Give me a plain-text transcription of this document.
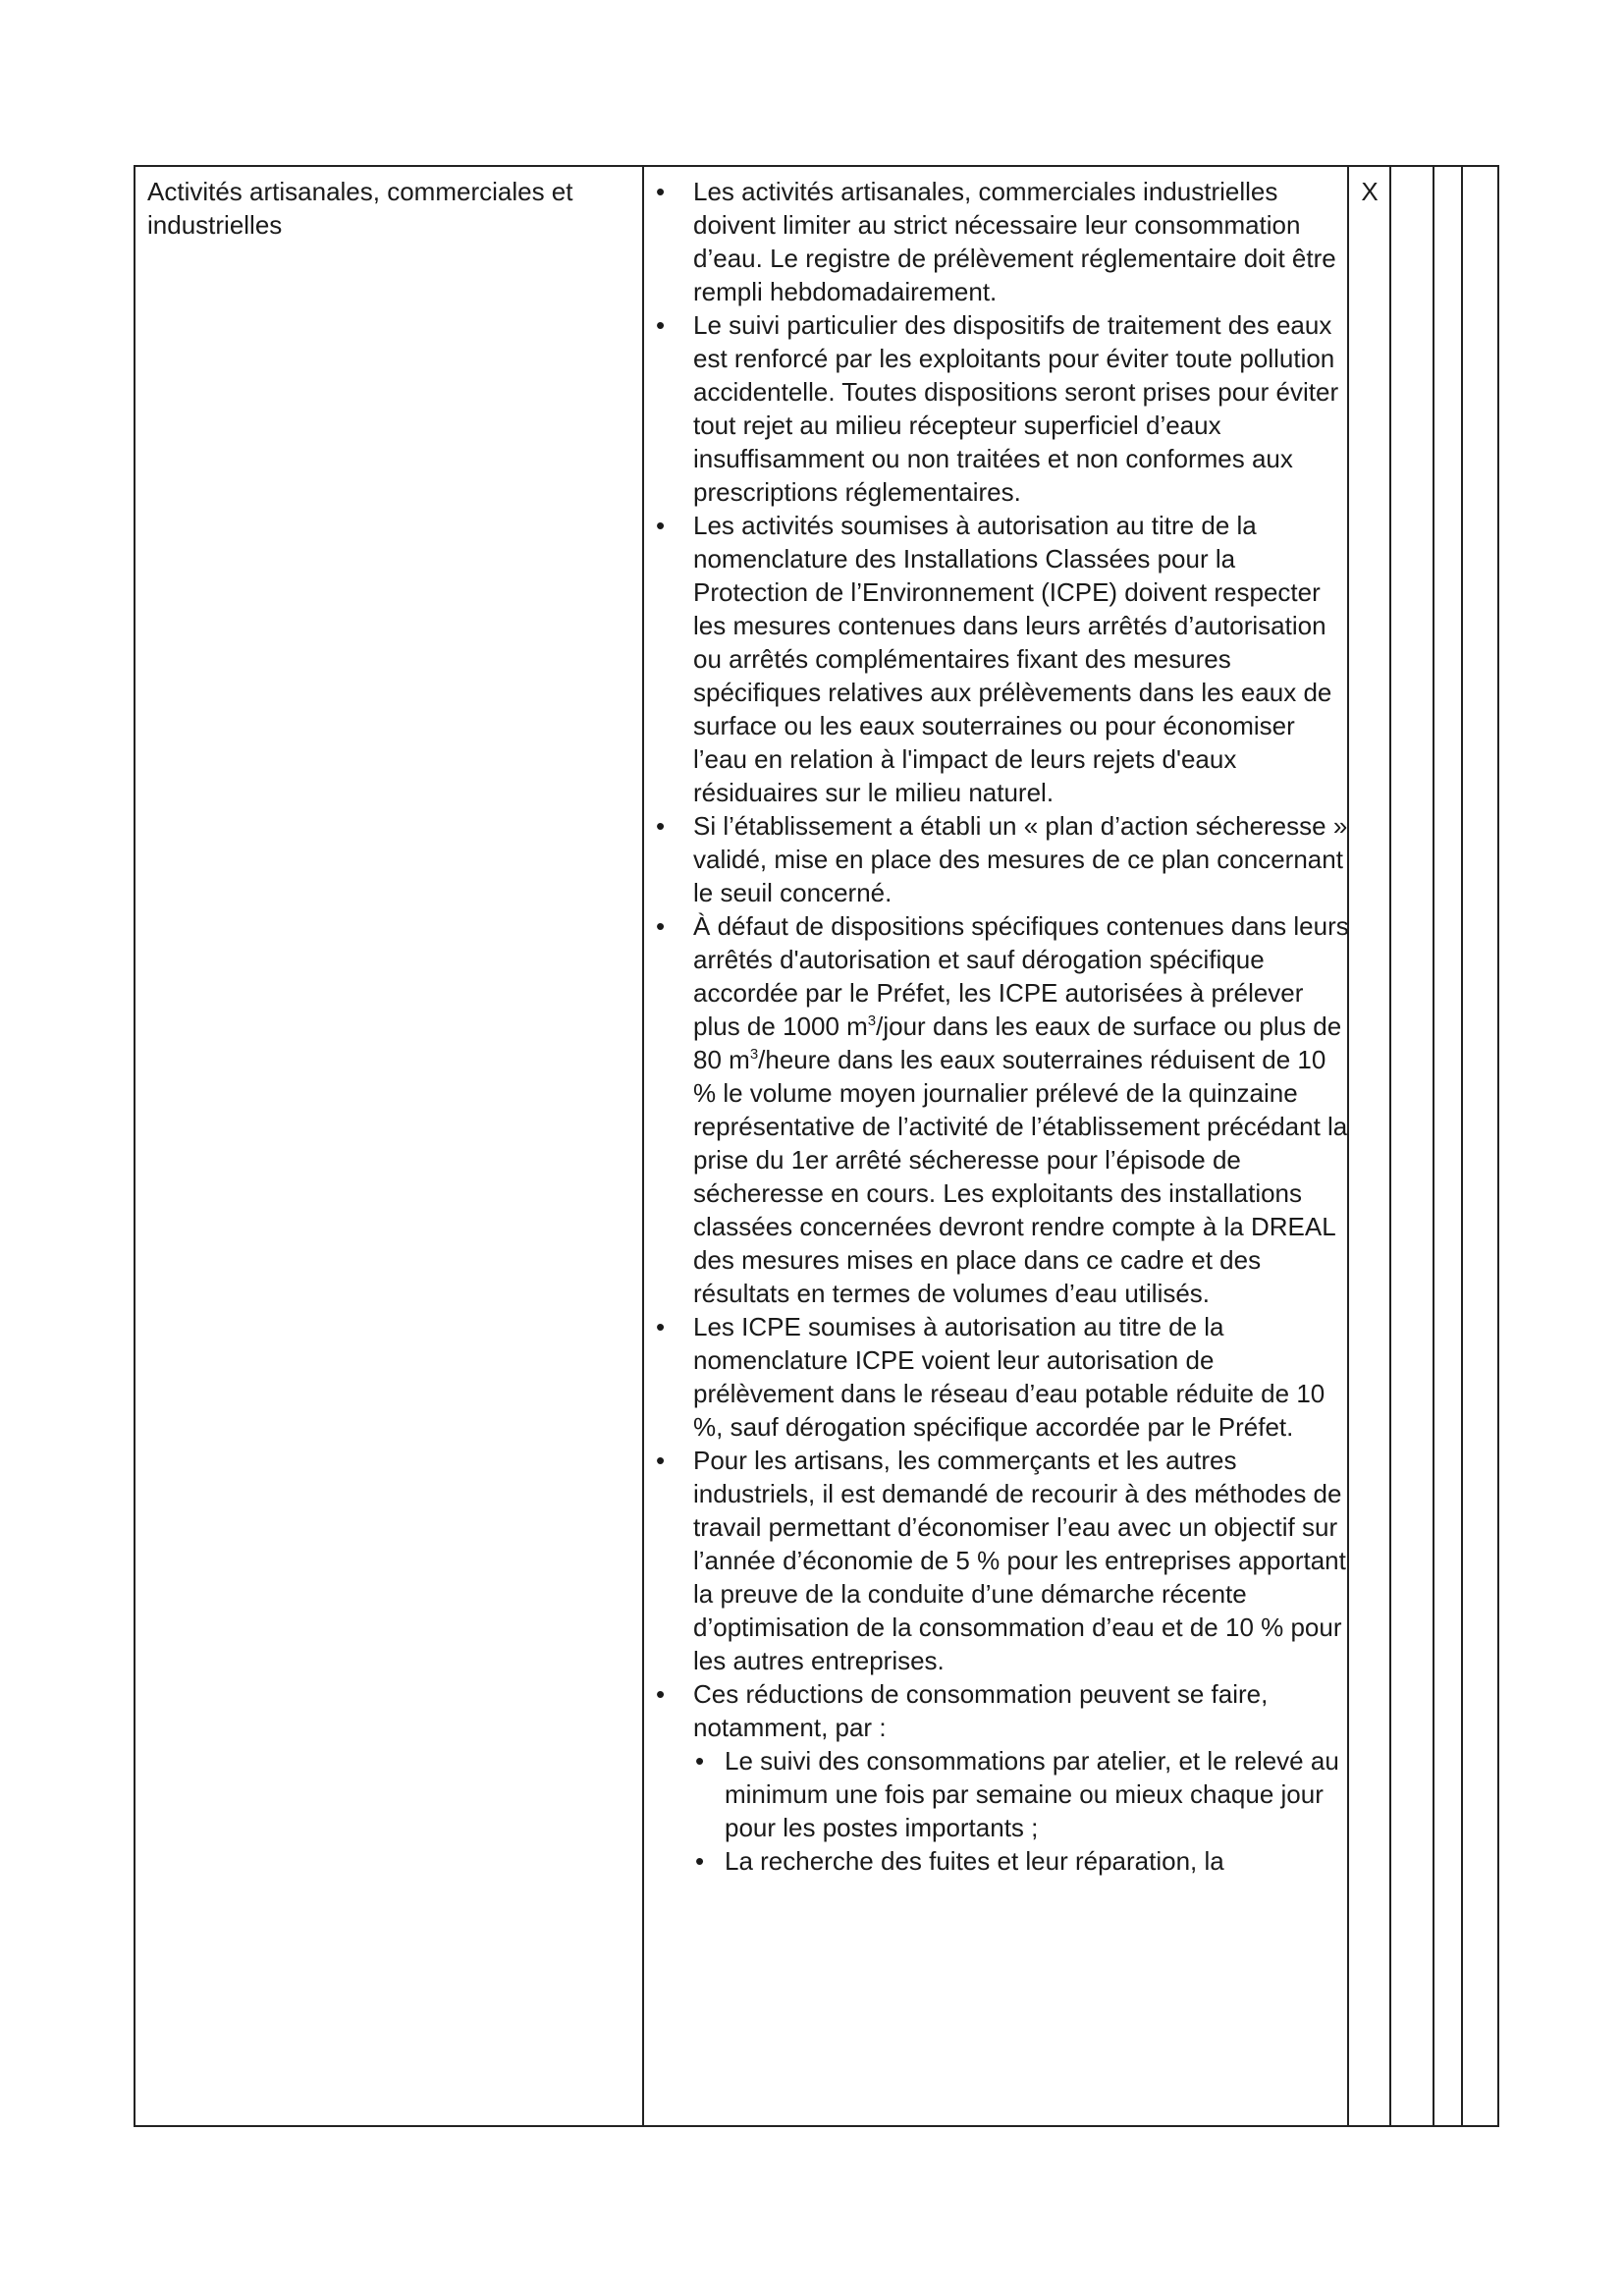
Activités artisanales, commerciales et industrielles
• Les activités artisanales, commerciales industrielles doivent limiter au strict nécessaire leur consommation d’eau. Le registre de prélèvement réglementaire doit être rempli hebdomadairement.
• Le suivi particulier des dispositifs de traitement des eaux est renforcé par les exploitants pour éviter toute pollution accidentelle. Toutes dispositions seront prises pour éviter tout rejet au milieu récepteur superficiel d’eaux insuffisamment ou non traitées et non conformes aux prescriptions réglementaires.
• Les activités soumises à autorisation au titre de la nomenclature des Installations Classées pour la Protection de l’Environnement (ICPE) doivent respecter les mesures contenues dans leurs arrêtés d’autorisation ou arrêtés complémentaires fixant des mesures spécifiques relatives aux prélèvements dans les eaux de surface ou les eaux souterraines ou pour économiser l’eau en relation à l'impact de leurs rejets d'eaux résiduaires sur le milieu naturel.
• Si l’établissement a établi un « plan d’action sécheresse » validé, mise en place des mesures de ce plan concernant le seuil concerné.
• À défaut de dispositions spécifiques contenues dans leurs arrêtés d'autorisation et sauf dérogation spécifique accordée par le Préfet, les ICPE autorisées à prélever plus de 1000 $m^3$/jour dans les eaux de surface ou plus de 80 $m^3$/heure dans les eaux souterraines réduisent de 10 % le volume moyen journalier prélevé de la quinzaine représentative de l’activité de l’établissement précédant la prise du 1er arrêté sécheresse pour l’épisode de sécheresse en cours. Les exploitants des installations classées concernées devront rendre compte à la DREAL des mesures mises en place dans ce cadre et des résultats en termes de volumes d’eau utilisés.
• Les ICPE soumises à autorisation au titre de la nomenclature ICPE voient leur autorisation de prélèvement dans le réseau d’eau potable réduite de 10 %, sauf dérogation spécifique accordée par le Préfet.
• Pour les artisans, les commerçants et les autres industriels, il est demandé de recourir à des méthodes de travail permettant d’économiser l’eau avec un objectif sur l’année d’économie de 5 % pour les entreprises apportant la preuve de la conduite d’une démarche récente d’optimisation de la consommation d’eau et de 10 % pour les autres entreprises.
• Ces réductions de consommation peuvent se faire, notamment, par :
• Le suivi des consommations par atelier, et le relevé au minimum une fois par semaine ou mieux chaque jour pour les postes importants ;
• La recherche des fuites et leur réparation, la
X
